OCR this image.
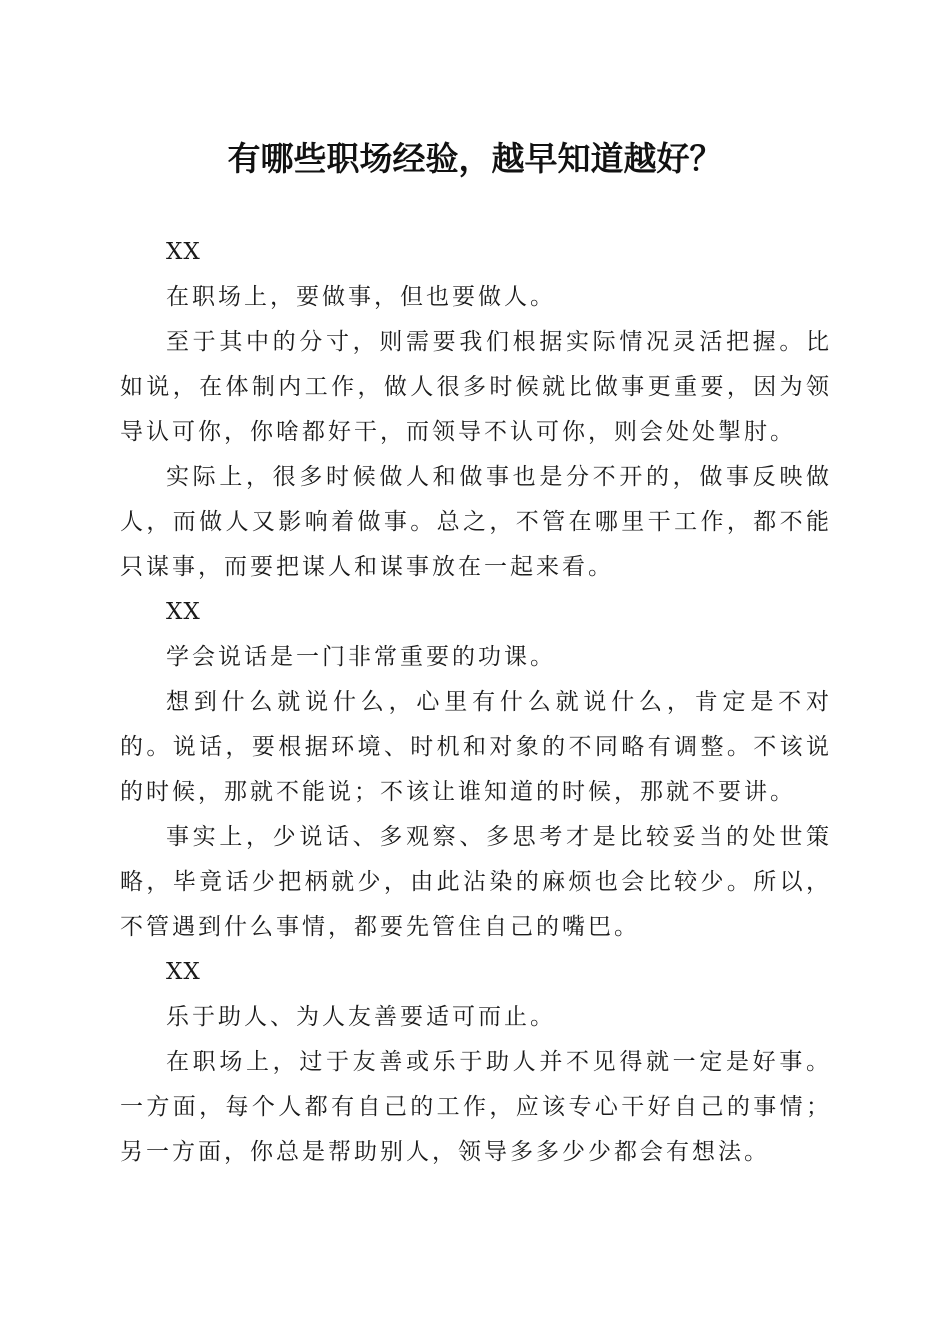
有哪些职场经验，越早知道越好？

XX

在职场上，要做事，但也要做人。

至于其中的分寸，则需要我们根据实际情况灵活把握。比如说，在体制内工作，做人很多时候就比做事更重要，因为领导认可你，你啥都好干，而领导不认可你，则会处处掣肘。

实际上，很多时候做人和做事也是分不开的，做事反映做人，而做人又影响着做事。总之，不管在哪里干工作，都不能只谋事，而要把谋人和谋事放在一起来看。

XX

学会说话是一门非常重要的功课。

想到什么就说什么，心里有什么就说什么，肯定是不对的。说话，要根据环境、时机和对象的不同略有调整。不该说的时候，那就不能说；不该让谁知道的时候，那就不要讲。

事实上，少说话、多观察、多思考才是比较妥当的处世策略，毕竟话少把柄就少，由此沾染的麻烦也会比较少。所以，不管遇到什么事情，都要先管住自己的嘴巴。

XX

乐于助人、为人友善要适可而止。

在职场上，过于友善或乐于助人并不见得就一定是好事。一方面，每个人都有自己的工作，应该专心干好自己的事情；另一方面，你总是帮助别人，领导多多少少都会有想法。
